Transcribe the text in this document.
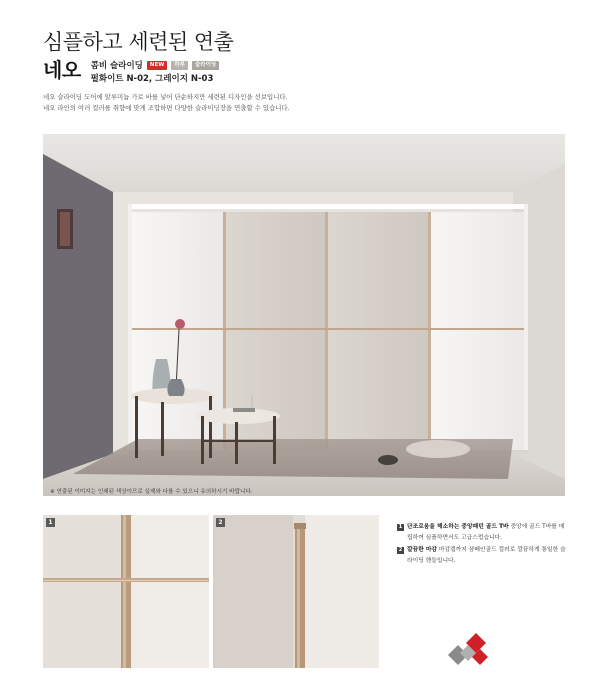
심플하고 세련된 연출
네오 콤비 슬라이딩	NEW	하부	슬라이딩
펄화이트 N-02, 그레이지 N-03
네오 슬라이딩 도어에 알루미늄 가로 바를 넣어 단순하지만 세련된 디자인을 선보입니다.
네오 라인의 여러 컬러를 취향에 맞게 조합하면 다양한 슬라이딩장을 연출할 수 있습니다.
※ 연출된 이미지는 인쇄된 색상이므로 실제와 다를 수 있으니 유의하시기 바랍니다.
1	2
1 단조로움을 해소하는 중앙패턴 골드 T바 중앙에 골드 T바를 매립하여 심플하면서도 고급스럽습니다.
2 깔끔한 마감 마감캡까지 샴페인골드 컬러로 깔끔하게 통일한 슬라이딩 핸들입니다.
